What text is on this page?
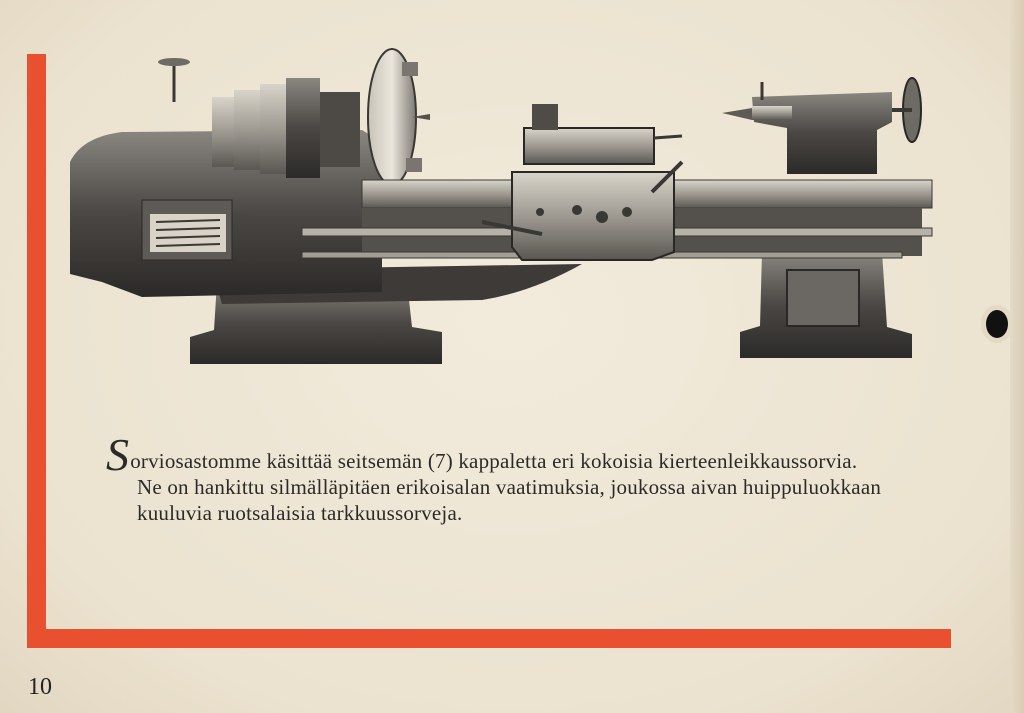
Sorviosastomme käsittää seitsemän (7) kappaletta eri kokoisia kierteenleikkaussorvia.
Ne on hankittu silmälläpitäen erikoisalan vaatimuksia, joukossa aivan huippuluokkaan
kuuluvia ruotsalaisia tarkkuussorveja.
10
